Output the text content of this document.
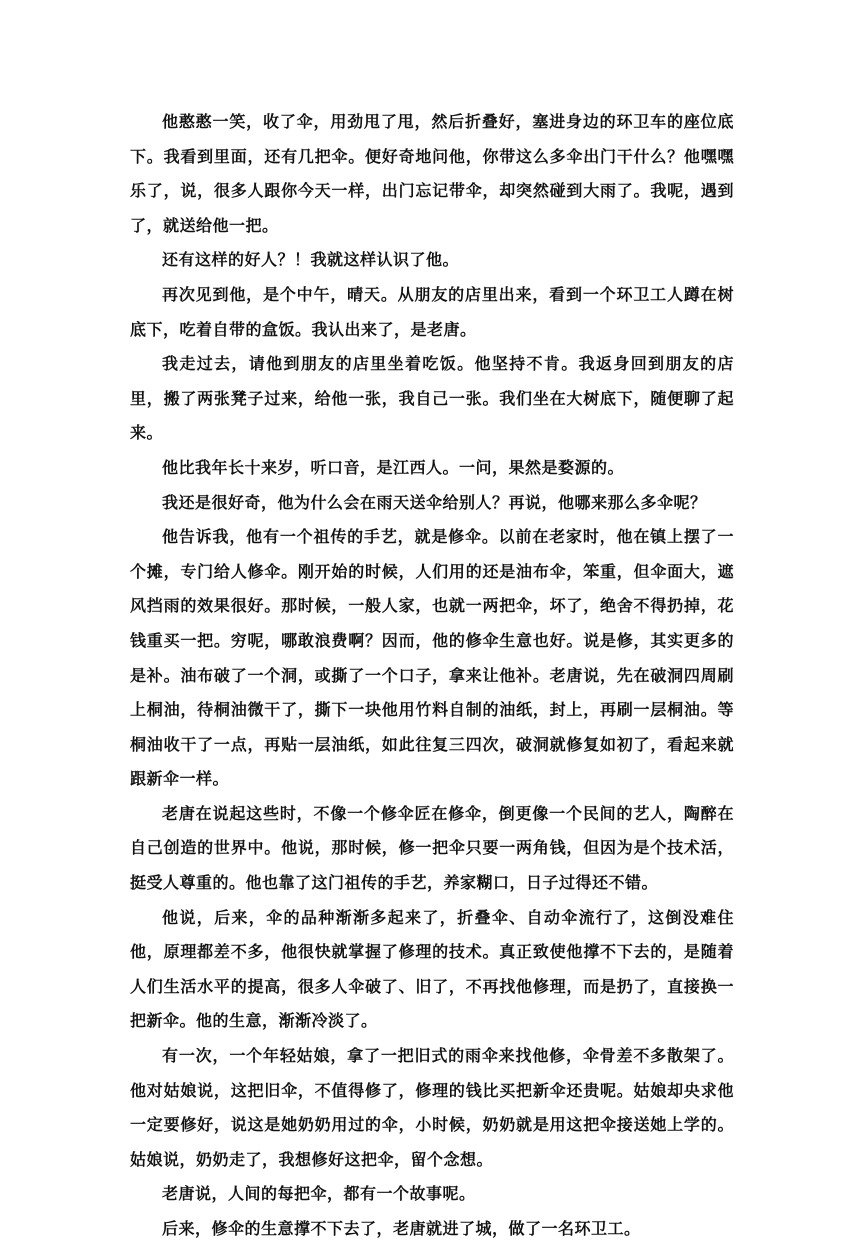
他憨憨一笑，收了伞，用劲甩了甩，然后折叠好，塞进身边的环卫车的座位底下。我看到里面，还有几把伞。便好奇地问他，你带这么多伞出门干什么？他嘿嘿乐了，说，很多人跟你今天一样，出门忘记带伞，却突然碰到大雨了。我呢，遇到了，就送给他一把。

还有这样的好人？！我就这样认识了他。

再次见到他，是个中午，晴天。从朋友的店里出来，看到一个环卫工人蹲在树底下，吃着自带的盒饭。我认出来了，是老唐。

我走过去，请他到朋友的店里坐着吃饭。他坚持不肯。我返身回到朋友的店里，搬了两张凳子过来，给他一张，我自己一张。我们坐在大树底下，随便聊了起来。

他比我年长十来岁，听口音，是江西人。一问，果然是婺源的。

我还是很好奇，他为什么会在雨天送伞给别人？再说，他哪来那么多伞呢？

他告诉我，他有一个祖传的手艺，就是修伞。以前在老家时，他在镇上摆了一个摊，专门给人修伞。刚开始的时候，人们用的还是油布伞，笨重，但伞面大，遮风挡雨的效果很好。那时候，一般人家，也就一两把伞，坏了，绝舍不得扔掉，花钱重买一把。穷呢，哪敢浪费啊？因而，他的修伞生意也好。说是修，其实更多的是补。油布破了一个洞，或撕了一个口子，拿来让他补。老唐说，先在破洞四周刷上桐油，待桐油微干了，撕下一块他用竹料自制的油纸，封上，再刷一层桐油。等桐油收干了一点，再贴一层油纸，如此往复三四次，破洞就修复如初了，看起来就跟新伞一样。

老唐在说起这些时，不像一个修伞匠在修伞，倒更像一个民间的艺人，陶醉在自己创造的世界中。他说，那时候，修一把伞只要一两角钱，但因为是个技术活，挺受人尊重的。他也靠了这门祖传的手艺，养家糊口，日子过得还不错。

他说，后来，伞的品种渐渐多起来了，折叠伞、自动伞流行了，这倒没难住他，原理都差不多，他很快就掌握了修理的技术。真正致使他撑不下去的，是随着人们生活水平的提高，很多人伞破了、旧了，不再找他修理，而是扔了，直接换一把新伞。他的生意，渐渐冷淡了。

有一次，一个年轻姑娘，拿了一把旧式的雨伞来找他修，伞骨差不多散架了。他对姑娘说，这把旧伞，不值得修了，修理的钱比买把新伞还贵呢。姑娘却央求他一定要修好，说这是她奶奶用过的伞，小时候，奶奶就是用这把伞接送她上学的。姑娘说，奶奶走了，我想修好这把伞，留个念想。

老唐说，人间的每把伞，都有一个故事呢。

后来，修伞的生意撑不下去了，老唐就进了城，做了一名环卫工。
